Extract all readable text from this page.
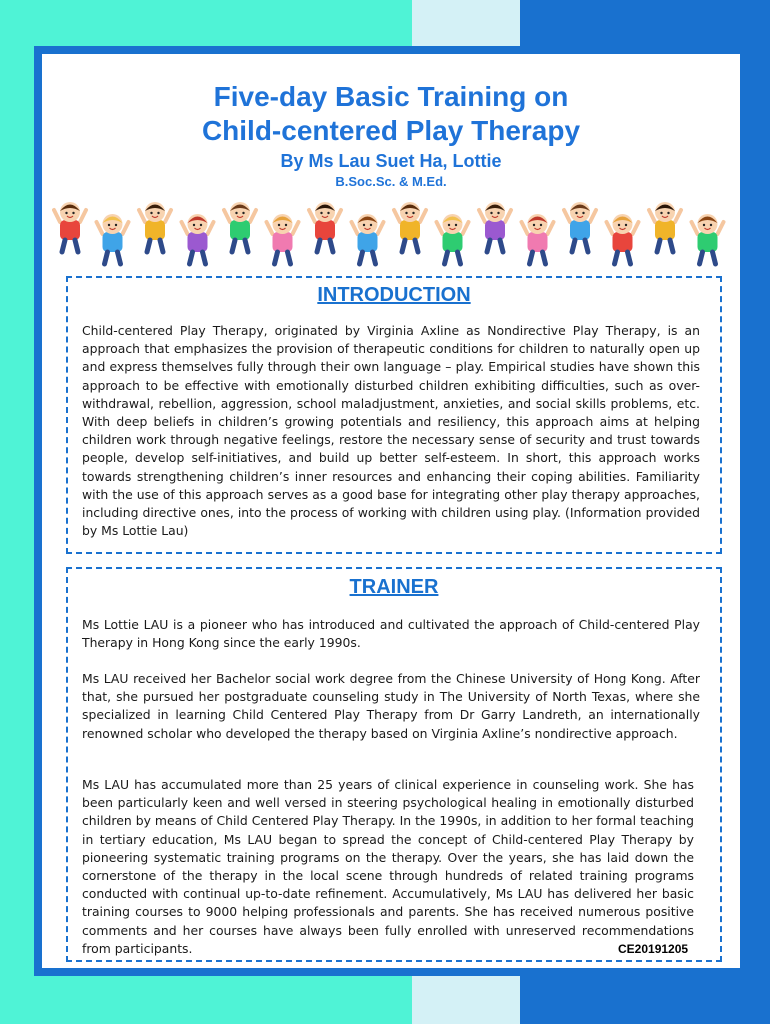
Five-day Basic Training on
Child-centered Play Therapy
By Ms Lau Suet Ha, Lottie
B.Soc.Sc. & M.Ed.
INTRODUCTION

Child-centered Play Therapy, originated by Virginia Axline as Nondirective Play Therapy, is an approach that emphasizes the provision of therapeutic conditions for children to naturally open up and express themselves fully through their own language – play. Empirical studies have shown this approach to be effective with emotionally disturbed children exhibiting difficulties, such as over-withdrawal, rebellion, aggression, school maladjustment, anxieties, and social skills problems, etc. With deep beliefs in children’s growing potentials and resiliency, this approach aims at helping children work through negative feelings, restore the necessary sense of security and trust towards people, develop self-initiatives, and build up better self-esteem. In short, this approach works towards strengthening children’s inner resources and enhancing their coping abilities. Familiarity with the use of this approach serves as a good base for integrating other play therapy approaches, including directive ones, into the process of working with children using play. (Information provided by Ms Lottie Lau)

TRAINER

Ms Lottie LAU is a pioneer who has introduced and cultivated the approach of Child-centered Play Therapy in Hong Kong since the early 1990s.

Ms LAU received her Bachelor social work degree from the Chinese University of Hong Kong. After that, she pursued her postgraduate counseling study in The University of North Texas, where she specialized in learning Child Centered Play Therapy from Dr Garry Landreth, an internationally renowned scholar who developed the therapy based on Virginia Axline’s nondirective approach.

Ms LAU has accumulated more than 25 years of clinical experience in counseling work. She has been particularly keen and well versed in steering psychological healing in emotionally disturbed children by means of Child Centered Play Therapy. In the 1990s, in addition to her formal teaching in tertiary education, Ms LAU began to spread the concept of Child-centered Play Therapy by pioneering systematic training programs on the therapy. Over the years, she has laid down the cornerstone of the therapy in the local scene through hundreds of related training programs conducted with continual up-to-date refinement. Accumulatively, Ms LAU has delivered her basic training courses to 9000 helping professionals and parents. She has received numerous positive comments and her courses have always been fully enrolled with unreserved recommendations from participants.	CE20191205
